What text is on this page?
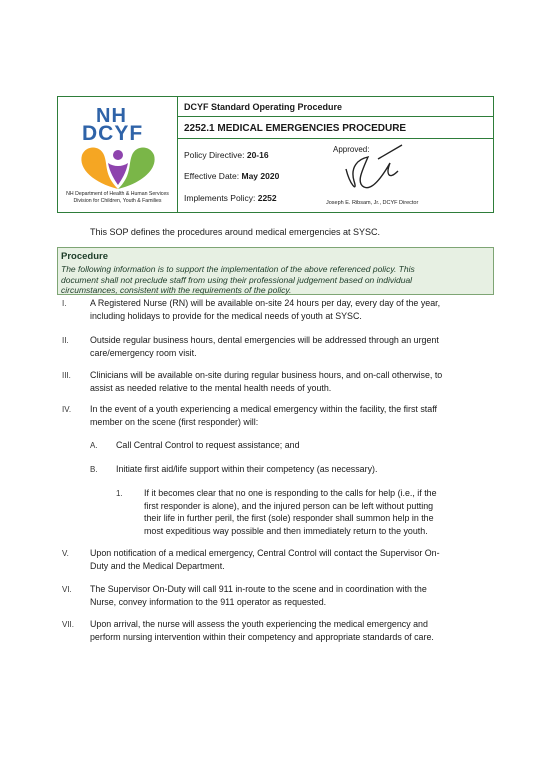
NH
DCYF
NH Department of Health & Human Services
Division for Children, Youth & Families
DCYF Standard Operating Procedure
2252.1 MEDICAL EMERGENCIES PROCEDURE
Policy Directive: 20-16
Effective Date: May 2020
Implements Policy: 2252
Approved:
Joseph E. Ribsam, Jr., DCYF Director
This SOP defines the procedures around medical emergencies at SYSC.
Procedure
The following information is to support the implementation of the above referenced policy. This
document shall not preclude staff from using their professional judgement based on individual
circumstances, consistent with the requirements of the policy.
I.	A Registered Nurse (RN) will be available on-site 24 hours per day, every day of the year,
including holidays to provide for the medical needs of youth at SYSC.
II. Outside regular business hours, dental emergencies will be addressed through an urgent
care/emergency room visit.
III. Clinicians will be available on-site during regular business hours, and on-call otherwise, to
assist as needed relative to the mental health needs of youth.
IV. In the event of a youth experiencing a medical emergency within the facility, the first staff
member on the scene (first responder) will:
A. Call Central Control to request assistance; and
B. Initiate first aid/life support within their competency (as necessary).
1. If it becomes clear that no one is responding to the calls for help (i.e., if the
first responder is alone), and the injured person can be left without putting
their life in further peril, the first (sole) responder shall summon help in the
most expeditious way possible and then immediately return to the youth.
V. Upon notification of a medical emergency, Central Control will contact the Supervisor On-
Duty and the Medical Department.
VI. The Supervisor On-Duty will call 911 in-route to the scene and in coordination with the
Nurse, convey information to the 911 operator as requested.
VII. Upon arrival, the nurse will assess the youth experiencing the medical emergency and
perform nursing intervention within their competency and appropriate standards of care.
